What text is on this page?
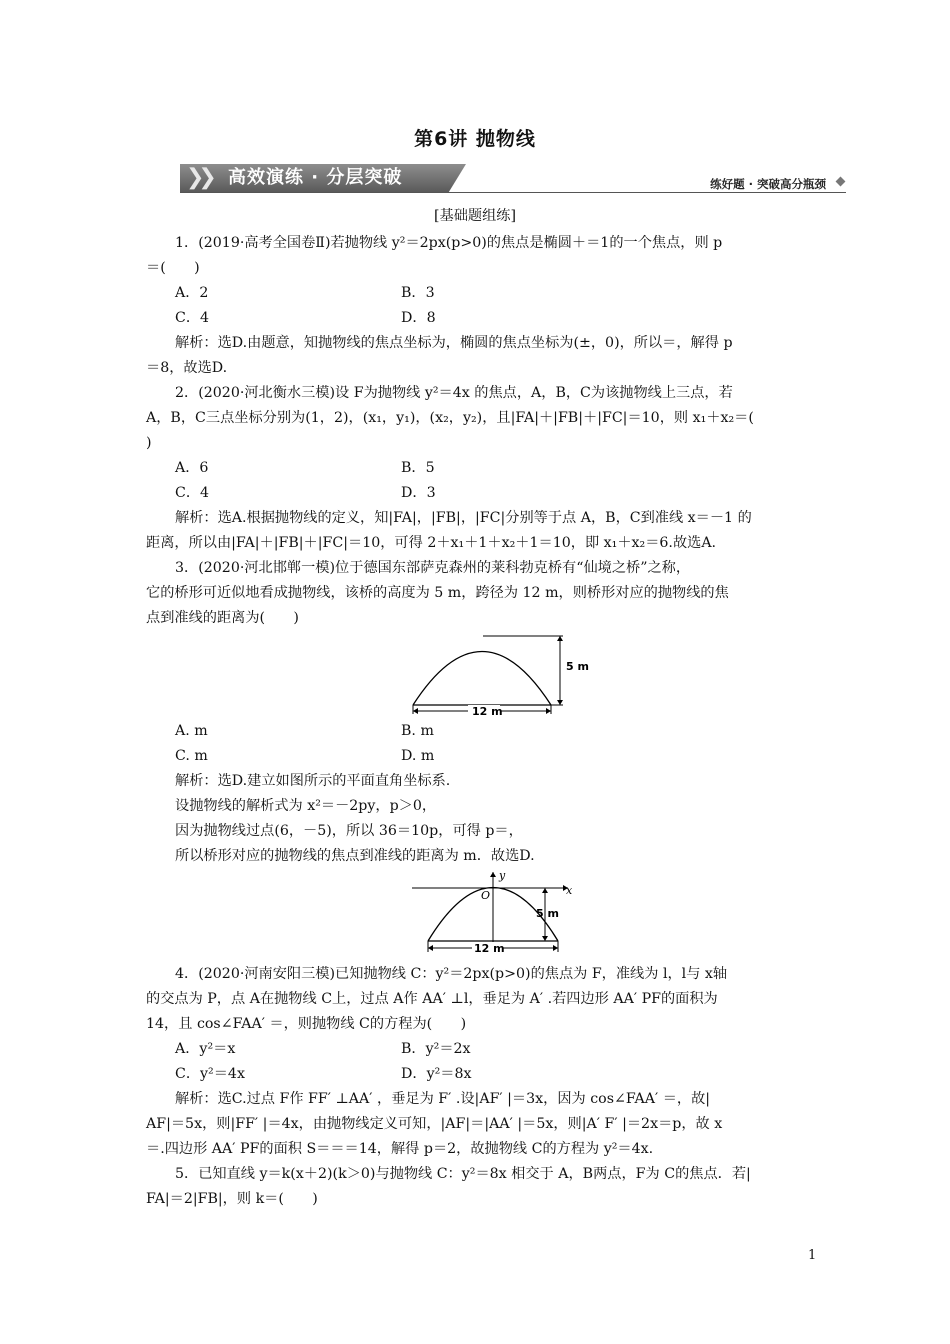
第6讲 抛物线
❯❯ 高效演练 · 分层突破	练好题 · 突破高分瓶颈
[基础题组练]
1．(2019·高考全国卷Ⅱ)若抛物线 y²＝2px(p>0)的焦点是椭圆＋＝1的一个焦点，则 p
＝(　　)
A．2	B．3
C．4	D．8
解析：选D.由题意，知抛物线的焦点坐标为，椭圆的焦点坐标为(±，0)，所以＝，解得 p
＝8，故选D.
2．(2020·河北衡水三模)设 F为抛物线 y²＝4x 的焦点，A，B，C为该抛物线上三点，若
A，B，C三点坐标分别为(1，2)，(x₁，y₁)，(x₂，y₂)，且|FA|＋|FB|＋|FC|＝10，则 x₁＋x₂＝(
)
A．6	B．5
C．4	D．3
解析：选A.根据抛物线的定义，知|FA|，|FB|，|FC|分别等于点 A，B，C到准线 x＝－1 的
距离，所以由|FA|＋|FB|＋|FC|＝10，可得 2＋x₁＋1＋x₂＋1＝10，即 x₁＋x₂＝6.故选A.
3．(2020·河北邯郸一模)位于德国东部萨克森州的莱科勃克桥有“仙境之桥”之称，
它的桥形可近似地看成抛物线，该桥的高度为 5 m，跨径为 12 m，则桥形对应的抛物线的焦
点到准线的距离为(　　)
5 m
12 m
A. m	B. m
C. m	D. m
解析：选D.建立如图所示的平面直角坐标系.
设抛物线的解析式为 x²＝－2py，p＞0，
因为抛物线过点(6，－5)，所以 36＝10p，可得 p＝，
所以桥形对应的抛物线的焦点到准线的距离为 m．故选D.
y
x
O
5 m
12 m
4．(2020·河南安阳三模)已知抛物线 C：y²＝2px(p>0)的焦点为 F，准线为 l，l与 x轴
的交点为 P，点 A在抛物线 C上，过点 A作 AA′ ⊥l，垂足为 A′ .若四边形 AA′ PF的面积为
14，且 cos∠FAA′ ＝，则抛物线 C的方程为(　　)
A．y²＝x	B．y²＝2x
C．y²＝4x	D．y²＝8x
解析：选C.过点 F作 FF′ ⊥AA′ ，垂足为 F′ .设|AF′ |＝3x，因为 cos∠FAA′ ＝，故|
AF|＝5x，则|FF′ |＝4x，由抛物线定义可知，|AF|＝|AA′ |＝5x，则|A′ F′ |＝2x＝p，故 x
＝.四边形 AA′ PF的面积 S＝＝＝14，解得 p＝2，故抛物线 C的方程为 y²＝4x.
5．已知直线 y＝k(x＋2)(k＞0)与抛物线 C：y²＝8x 相交于 A，B两点，F为 C的焦点．若|
FA|＝2|FB|，则 k＝(　　)
1
